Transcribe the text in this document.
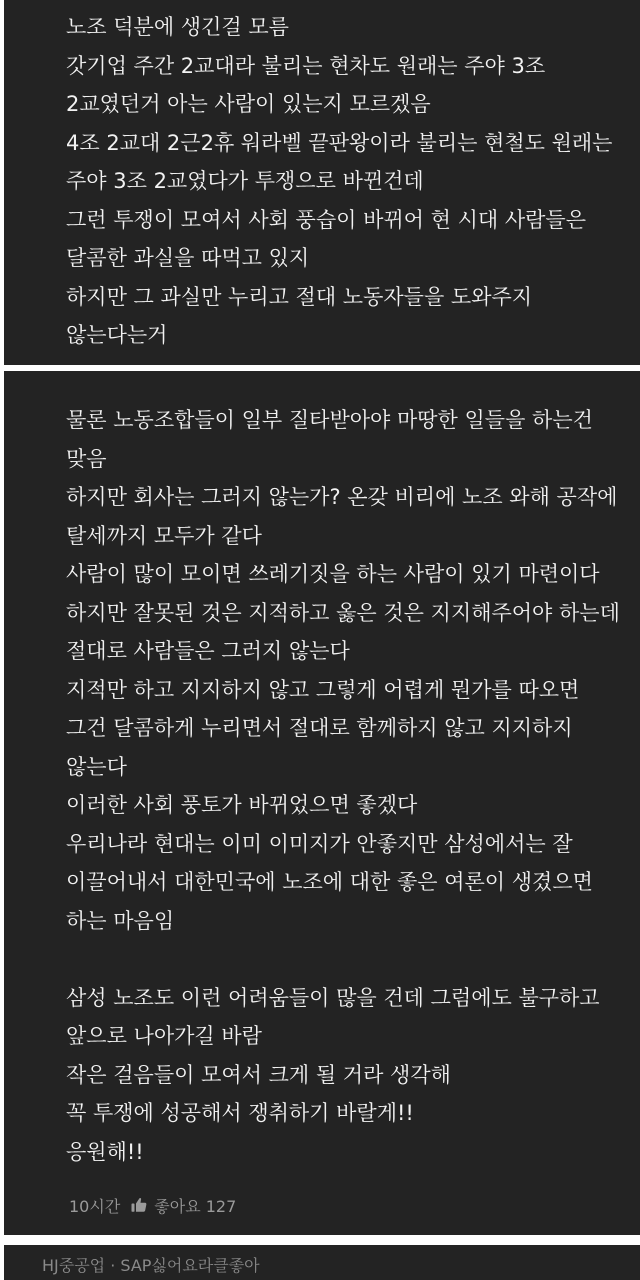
노조 덕분에 생긴걸 모름
갓기업 주간 2교대라 불리는 현차도 원래는 주야 3조
2교였던거 아는 사람이 있는지 모르겠음
4조 2교대 2근2휴 워라벨 끝판왕이라 불리는 현철도 원래는
주야 3조 2교였다가 투쟁으로 바뀐건데
그런 투쟁이 모여서 사회 풍습이 바뀌어 현 시대 사람들은
달콤한 과실을 따먹고 있지
하지만 그 과실만 누리고 절대 노동자들을 도와주지
않는다는거
물론 노동조합들이 일부 질타받아야 마땅한 일들을 하는건
맞음
하지만 회사는 그러지 않는가? 온갖 비리에 노조 와해 공작에
탈세까지 모두가 같다
사람이 많이 모이면 쓰레기짓을 하는 사람이 있기 마련이다
하지만 잘못된 것은 지적하고 옳은 것은 지지해주어야 하는데
절대로 사람들은 그러지 않는다
지적만 하고 지지하지 않고 그렇게 어렵게 뭔가를 따오면
그건 달콤하게 누리면서 절대로 함께하지 않고 지지하지
않는다
이러한 사회 풍토가 바뀌었으면 좋겠다
우리나라 현대는 이미 이미지가 안좋지만 삼성에서는 잘
이끌어내서 대한민국에 노조에 대한 좋은 여론이 생겼으면
하는 마음임
삼성 노조도 이런 어려움들이 많을 건데 그럼에도 불구하고
앞으로 나아가길 바람
작은 걸음들이 모여서 크게 될 거라 생각해
꼭 투쟁에 성공해서 쟁취하기 바랄게!!
응원해!!
10시간 좋아요 127
HJ중공업 · SAP싫어요라클좋아
